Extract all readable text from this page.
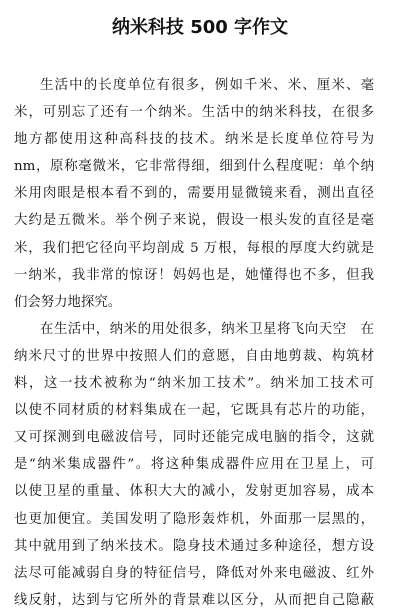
纳米科技 500 字作文
生活中的长度单位有很多，例如千米、米、厘米、毫
米，可别忘了还有一个纳米。生活中的纳米科技，在很多
地方都使用这种高科技的技术。纳米是长度单位符号为
nm，原称毫微米，它非常得细，细到什么程度呢：单个纳
米用肉眼是根本看不到的，需要用显微镜来看，测出直径
大约是五微米。举个例子来说，假设一根头发的直径是毫
米，我们把它径向平均剖成 5 万根，每根的厚度大约就是
一纳米，我非常的惊讶！妈妈也是，她懂得也不多，但我
们会努力地探究。
在生活中，纳米的用处很多，纳米卫星将飞向天空　在
纳米尺寸的世界中按照人们的意愿，自由地剪裁、构筑材
料，这一技术被称为“纳米加工技术”。纳米加工技术可
以使不同材质的材料集成在一起，它既具有芯片的功能，
又可探测到电磁波信号，同时还能完成电脑的指令，这就
是“纳米集成器件”。将这种集成器件应用在卫星上，可
以使卫星的重量、体积大大的减小，发射更加容易，成本
也更加便宜。美国发明了隐形轰炸机，外面那一层黑的，
其中就用到了纳米技术。隐身技术通过多种途径，想方设
法尽可能减弱自身的特征信号，降低对外来电磁波、红外
线反射，达到与它所外的背景难以区分，从而把自己隐蔽
